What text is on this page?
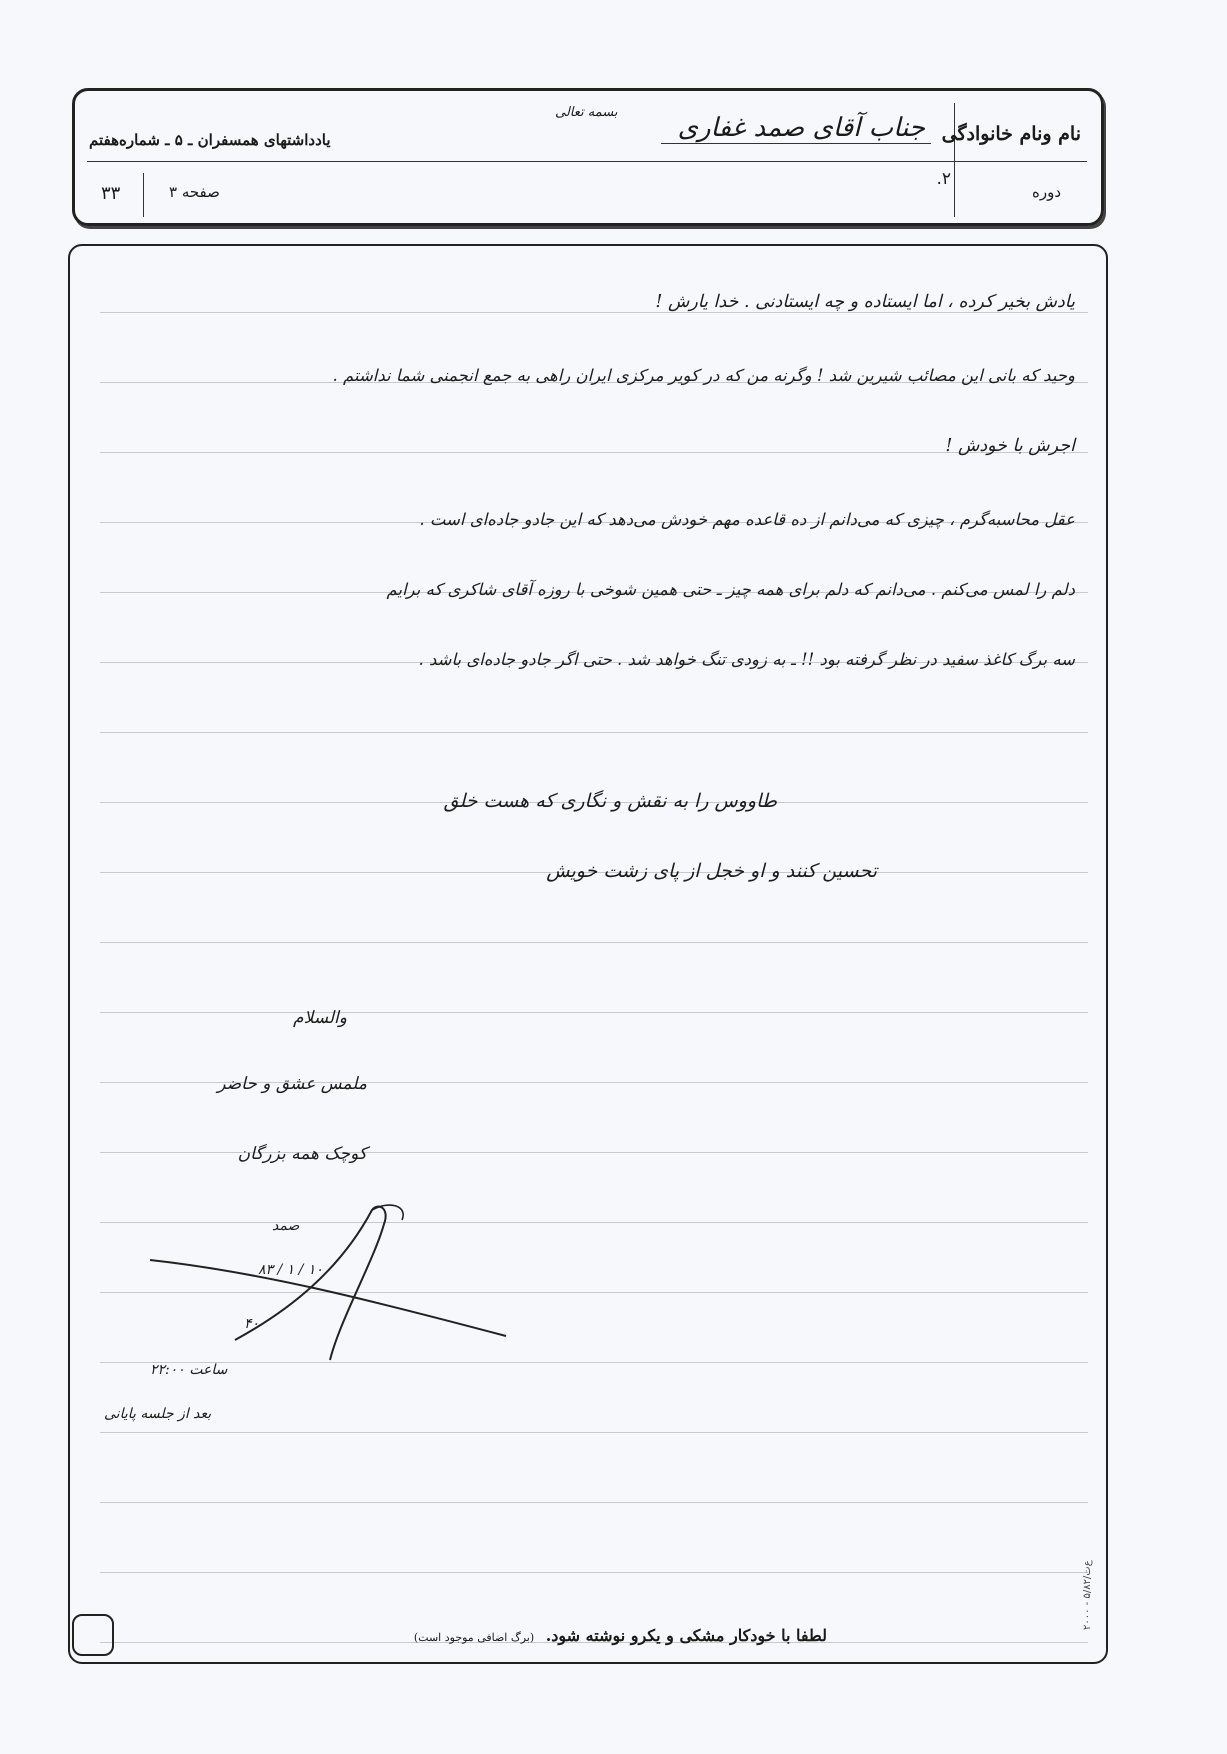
نام ونام خانوادگی
دوره
بسمه تعالی
جناب آقای صمد غفاری
۲.
یادداشتهای همسفران ـ ۵ ـ شماره‌هفتم
۳۳	صفحه ۳
یادش بخیر کرده ، اما ایستاده و چه ایستادنی . خدا یارش !
وحید که بانی این مصائب شیرین شد ! وگرنه من که در کویر مرکزی ایران راهی به جمع انجمنی شما نداشتم .
اجرش با خودش !
عقل محاسبه‌گرم ، چیزی که می‌دانم از ده قاعده مهم خودش می‌دهد که این جادو جاده‌ای است .
دلم را لمس می‌کنم . می‌دانم که دلم برای همه چیز ـ حتی همین شوخی با روزه آقای شاکری که برایم
سه برگ کاغذ سفید در نظر گرفته بود !! ـ به زودی تنگ خواهد شد . حتی اگر جادو جاده‌ای باشد .
طاووس را به نقش و نگاری که هست خلق
تحسین کنند و او خجل از پای زشت خویش
والسلام
ملمس عشق و حاضر
کوچک همه بزرگان
صمد
۱۰ / ۱ / ۸۳
۴۰
ساعت ۲۲:۰۰
بعد از جلسه پایانی
لطفا با خودکار مشکی و یکرو نوشته شود. (برگ اضافی موجود است)
ع‌ت/۵/۸۲ - ۲۰۰۰
